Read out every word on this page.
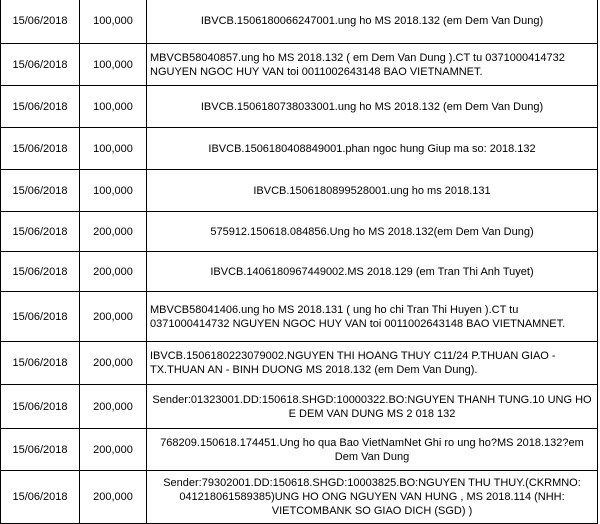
15/06/2018	100,000	IBVCB.1506180066247001.ung ho MS 2018.132 (em Dem Van Dung)
15/06/2018	100,000	MBVCB58040857.ung ho MS 2018.132 ( em Dem Van Dung ).CT tu 0371000414732 NGUYEN NGOC HUY VAN toi 0011002643148 BAO VIETNAMNET.
15/06/2018	100,000	IBVCB.1506180738033001.ung ho MS 2018.132 (em Dem Van Dung)
15/06/2018	100,000	IBVCB.1506180408849001.phan ngoc hung Giup ma so: 2018.132
15/06/2018	100,000	IBVCB.1506180899528001.ung ho ms 2018.131
15/06/2018	200,000	575912.150618.084856.Ung ho MS 2018.132(em Dem Van Dung)
15/06/2018	200,000	IBVCB.1406180967449002.MS 2018.129 (em Tran Thi Anh Tuyet)
15/06/2018	200,000	MBVCB58041406.ung ho MS 2018.131 ( ung ho chi Tran Thi Huyen ).CT tu 0371000414732 NGUYEN NGOC HUY VAN toi 0011002643148 BAO VIETNAMNET.
15/06/2018	200,000	IBVCB.1506180223079002.NGUYEN THI HOANG THUY C11/24 P.THUAN GIAO -TX.THUAN AN - BINH DUONG MS 2018.132 (em Dem Van Dung).
15/06/2018	200,000	Sender:01323001.DD:150618.SHGD:10000322.BO:NGUYEN THANH TUNG.10 UNG HO E DEM VAN DUNG MS 2 018 132
15/06/2018	200,000	768209.150618.174451.Ung ho qua Bao VietNamNet Ghi ro ung ho?MS 2018.132?em Dem Van Dung
15/06/2018	200,000	Sender:79302001.DD:150618.SHGD:10003825.BO:NGUYEN THU THUY.(CKRMNO: 041218061589385)UNG HO ONG NGUYEN VAN HUNG , MS 2018.114 (NHH: VIETCOMBANK SO GIAO DICH (SGD) )
